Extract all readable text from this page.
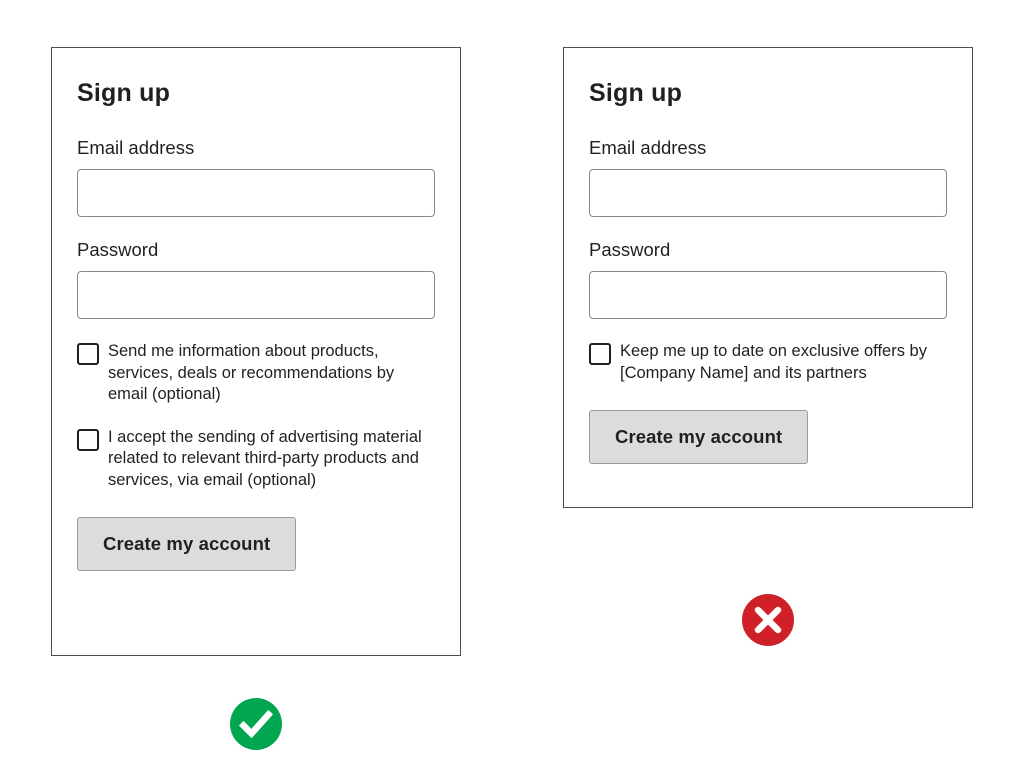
Sign up
Email address
Password
Send me information about products, services, deals or recommendations by email (optional)
I accept the sending of advertising material related to relevant third-party products and services, via email (optional)
Create my account
Sign up
Email address
Password
Keep me up to date on exclusive offers by [Company Name] and its partners
Create my account
